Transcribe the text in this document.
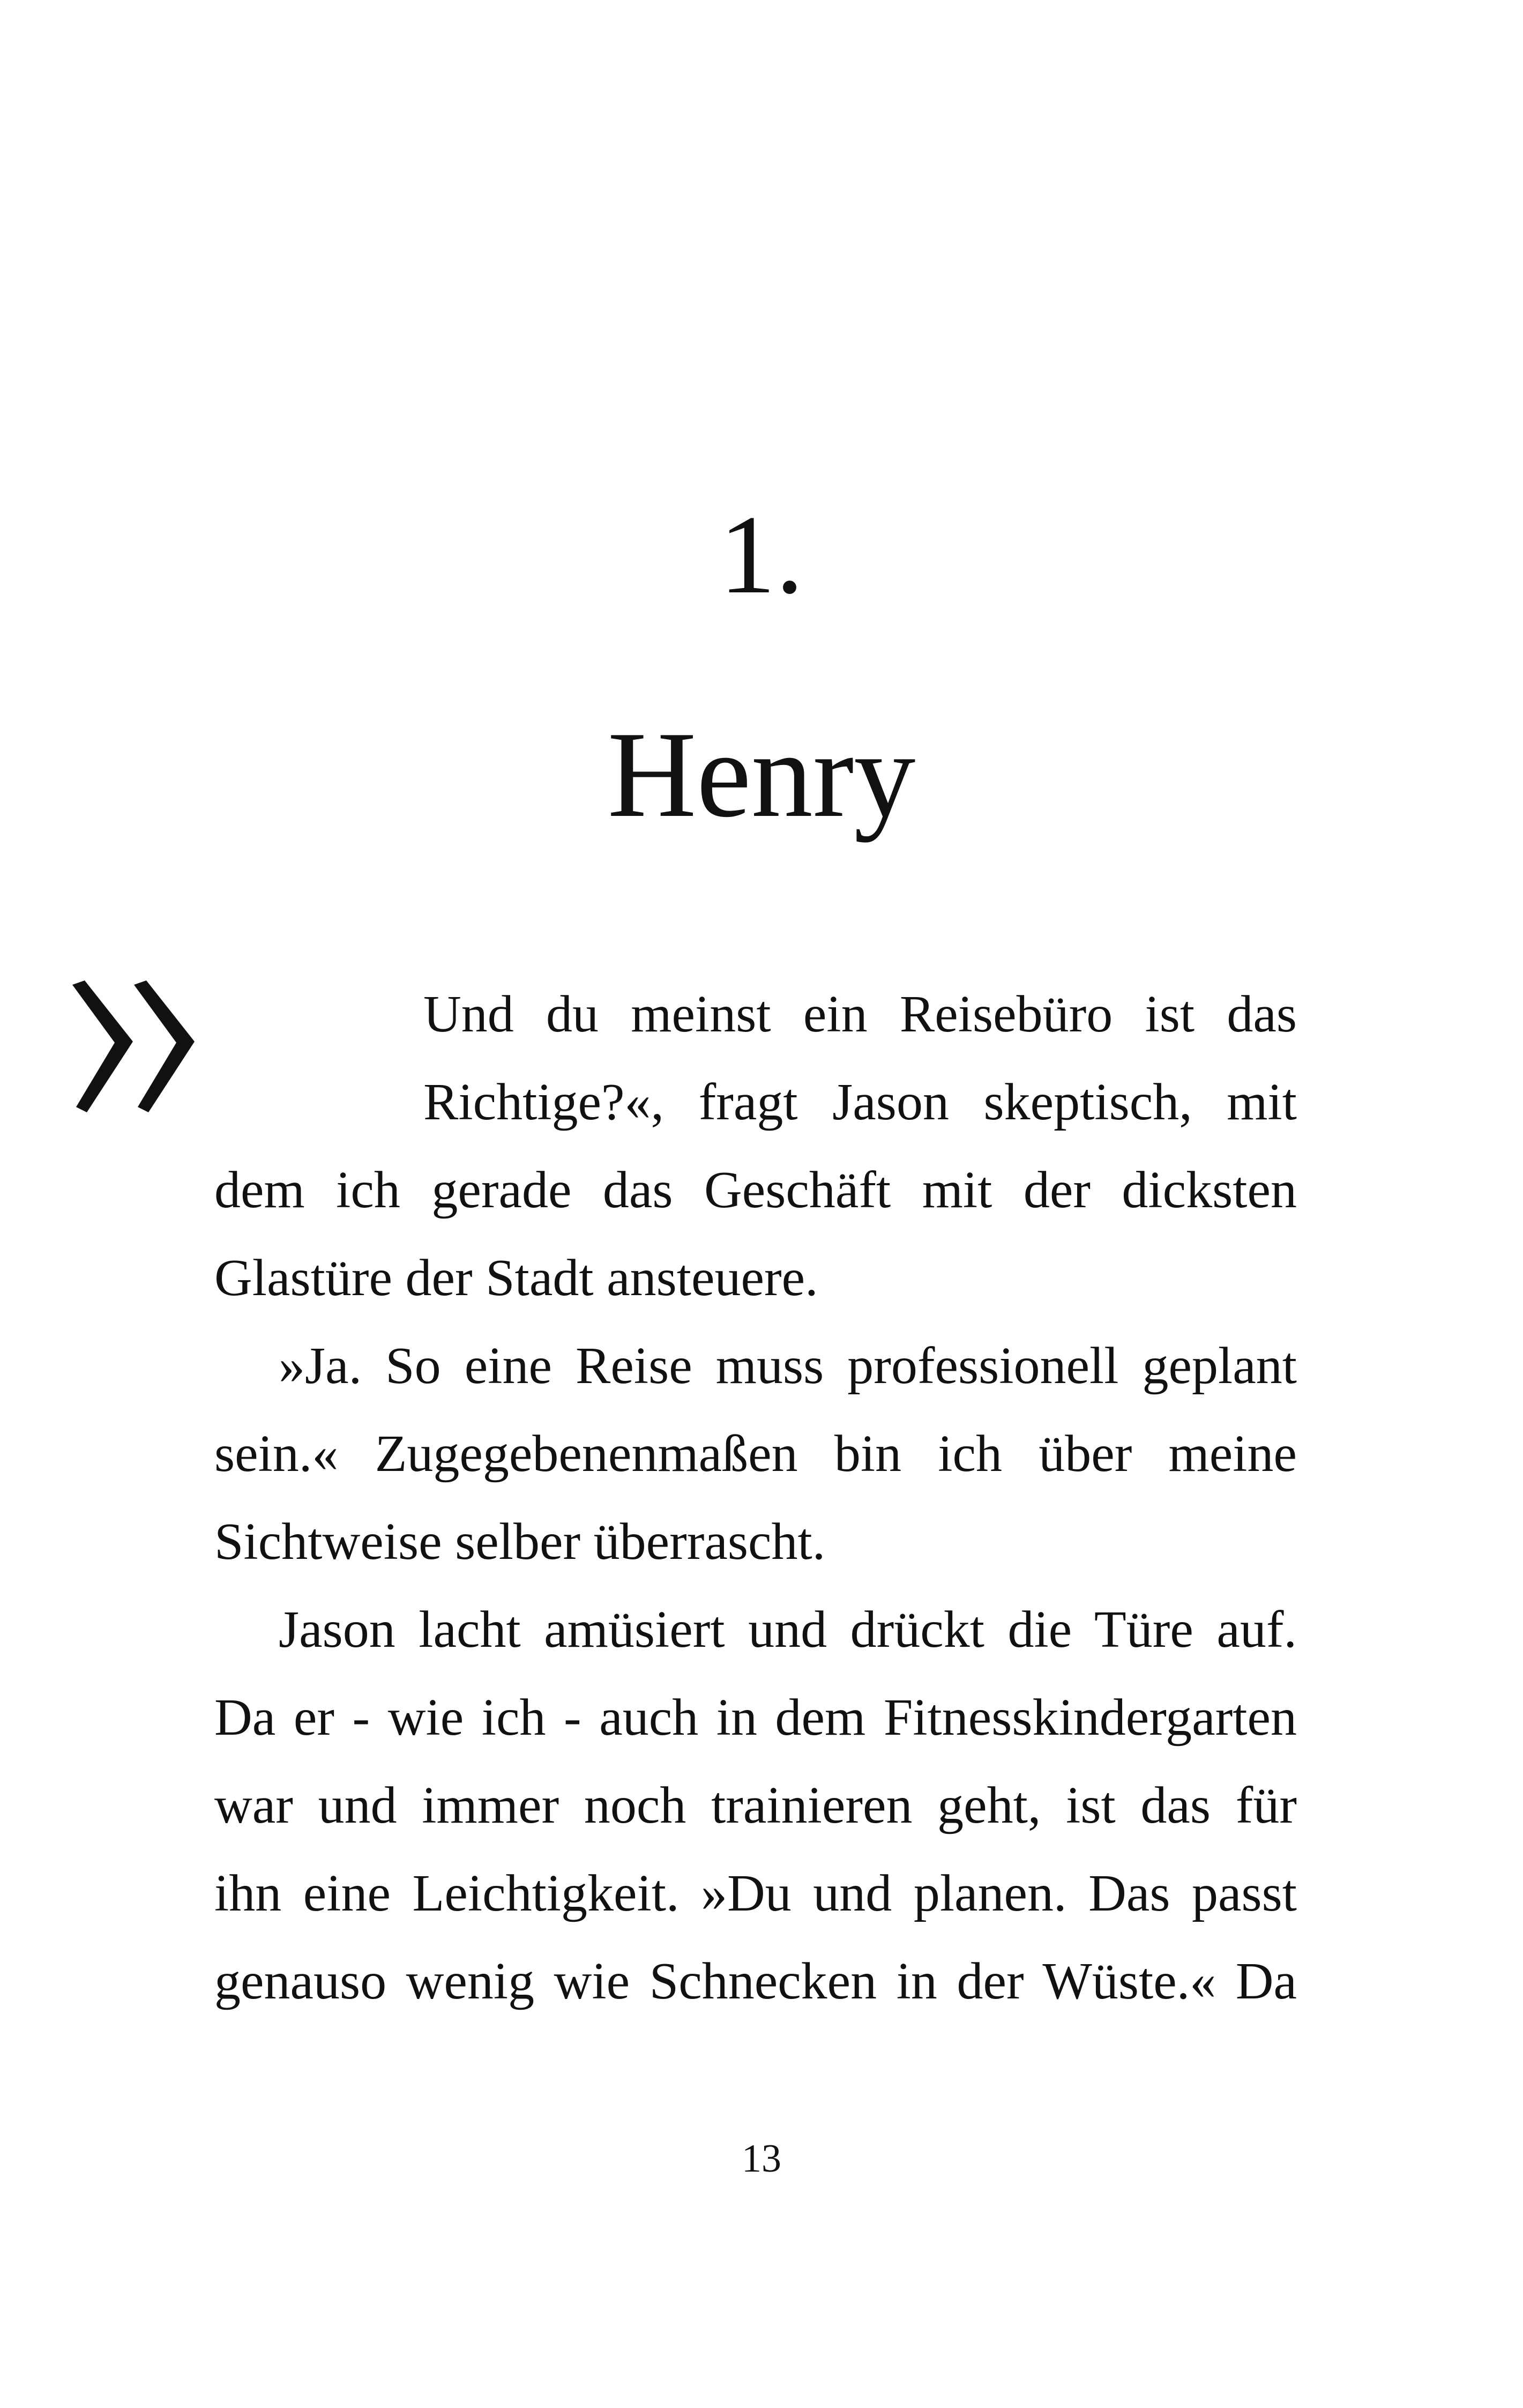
1.
Henry
Und du meinst ein Reisebüro ist das
Richtige?«, fragt Jason skeptisch, mit
dem ich gerade das Geschäft mit der dicksten
Glastüre der Stadt ansteuere.
»Ja. So eine Reise muss professionell geplant
sein.« Zugegebenenmaßen bin ich über meine
Sichtweise selber überrascht.
Jason lacht amüsiert und drückt die Türe auf.
Da er - wie ich - auch in dem Fitnesskindergarten
war und immer noch trainieren geht, ist das für
ihn eine Leichtigkeit. »Du und planen. Das passt
genauso wenig wie Schnecken in der Wüste.« Da
13
